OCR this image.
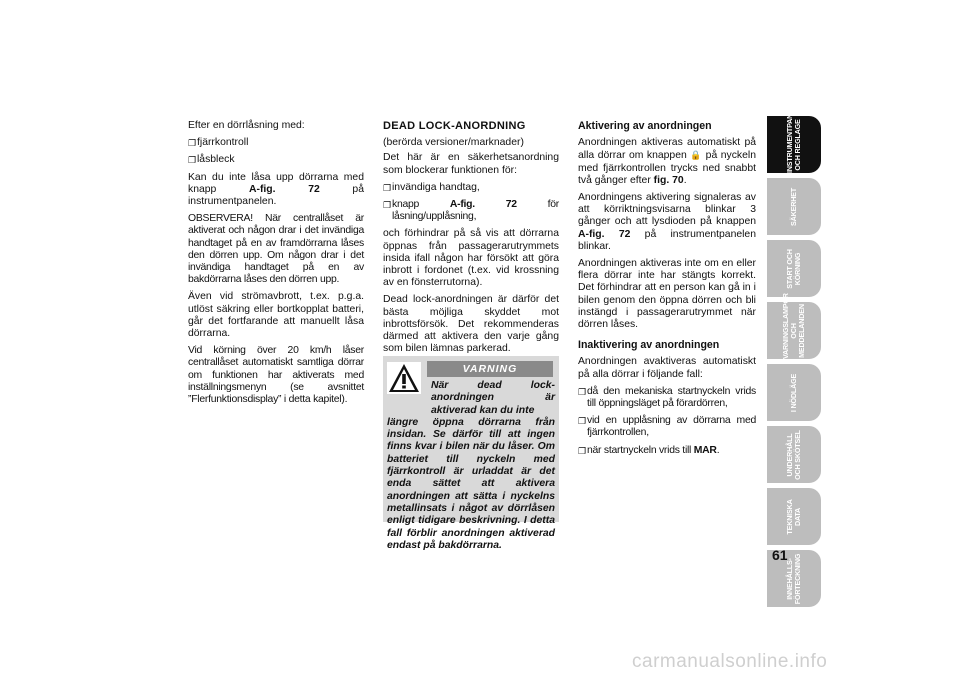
Efter en dörrlåsning med:

❐ fjärrkontroll
❐ låsbleck

Kan du inte låsa upp dörrarna med knapp A-fig. 72 på instrumentpanelen.

OBSERVERA! När centrallåset är aktiverat och någon drar i det invändiga handtaget på en av framdörrarna låses den dörren upp. Om någon drar i det invändiga handtaget på en av bakdörrarna låses den dörren upp.

Även vid strömavbrott, t.ex. p.g.a. utlöst säkring eller bortkopplat batteri, går det fortfarande att manuellt låsa dörrarna.

Vid körning över 20 km/h låser centrallåset automatiskt samtliga dörrar om funktionen har aktiverats med inställningsmenyn (se avsnittet ”Flerfunktionsdisplay” i detta kapitel).

DEAD LOCK-ANORDNING

(berörda versioner/marknader)

Det här är en säkerhetsanordning som blockerar funktionen för:

❐ invändiga handtag,
❐ knapp A-fig. 72 för låsning/upplåsning,

och förhindrar på så vis att dörrarna öppnas från passagerarutrymmets insida ifall någon har försökt att göra inbrott i fordonet (t.ex. vid krossning av en fönsterrutorna).

Dead lock-anordningen är därför det bästa möjliga skyddet mot inbrottsförsök. Det rekommenderas därmed att aktivera den varje gång som bilen lämnas parkerad.

VARNING
När dead lock-anordningen är aktiverad kan du inte
längre öppna dörrarna från insidan. Se därför till att ingen finns kvar i bilen när du låser. Om batteriet till nyckeln med fjärrkontroll är urladdat är det enda sättet att aktivera anordningen att sätta i nyckelns metallinsats i något av dörrlåsen enligt tidigare beskrivning. I detta fall förblir anordningen aktiverad endast på bakdörrarna.

Aktivering av anordningen

Anordningen aktiveras automatiskt på alla dörrar om knappen 🔒 på nyckeln med fjärrkontrollen trycks ned snabbt två gånger efter fig. 70.

Anordningens aktivering signaleras av att körriktningsvisarna blinkar 3 gånger och att lysdioden på knappen A-fig. 72 på instrumentpanelen blinkar.

Anordningen aktiveras inte om en eller flera dörrar inte har stängts korrekt. Det förhindrar att en person kan gå in i bilen genom den öppna dörren och bli instängd i passagerarutrymmet när dörren låses.

Inaktivering av anordningen

Anordningen avaktiveras automatiskt på alla dörrar i följande fall:

❐ då den mekaniska startnyckeln vrids till öppningsläget på förardörren,
❐ vid en upplåsning av dörrarna med fjärrkontrollen,
❐ när startnyckeln vrids till MAR.
INSTRUMENTPANEL
OCH REGLAGE
SÄKERHET

START OCH
KÖRNING
VARNINGSLAMPOR
OCH MEDDELANDEN
I NÖDLÄGE

UNDERHÅLL
OCH SKÖTSEL
TEKNISKA
DATA
INNEHÅLLS-
FÖRTECKNING
61
carmanualsonline.info
